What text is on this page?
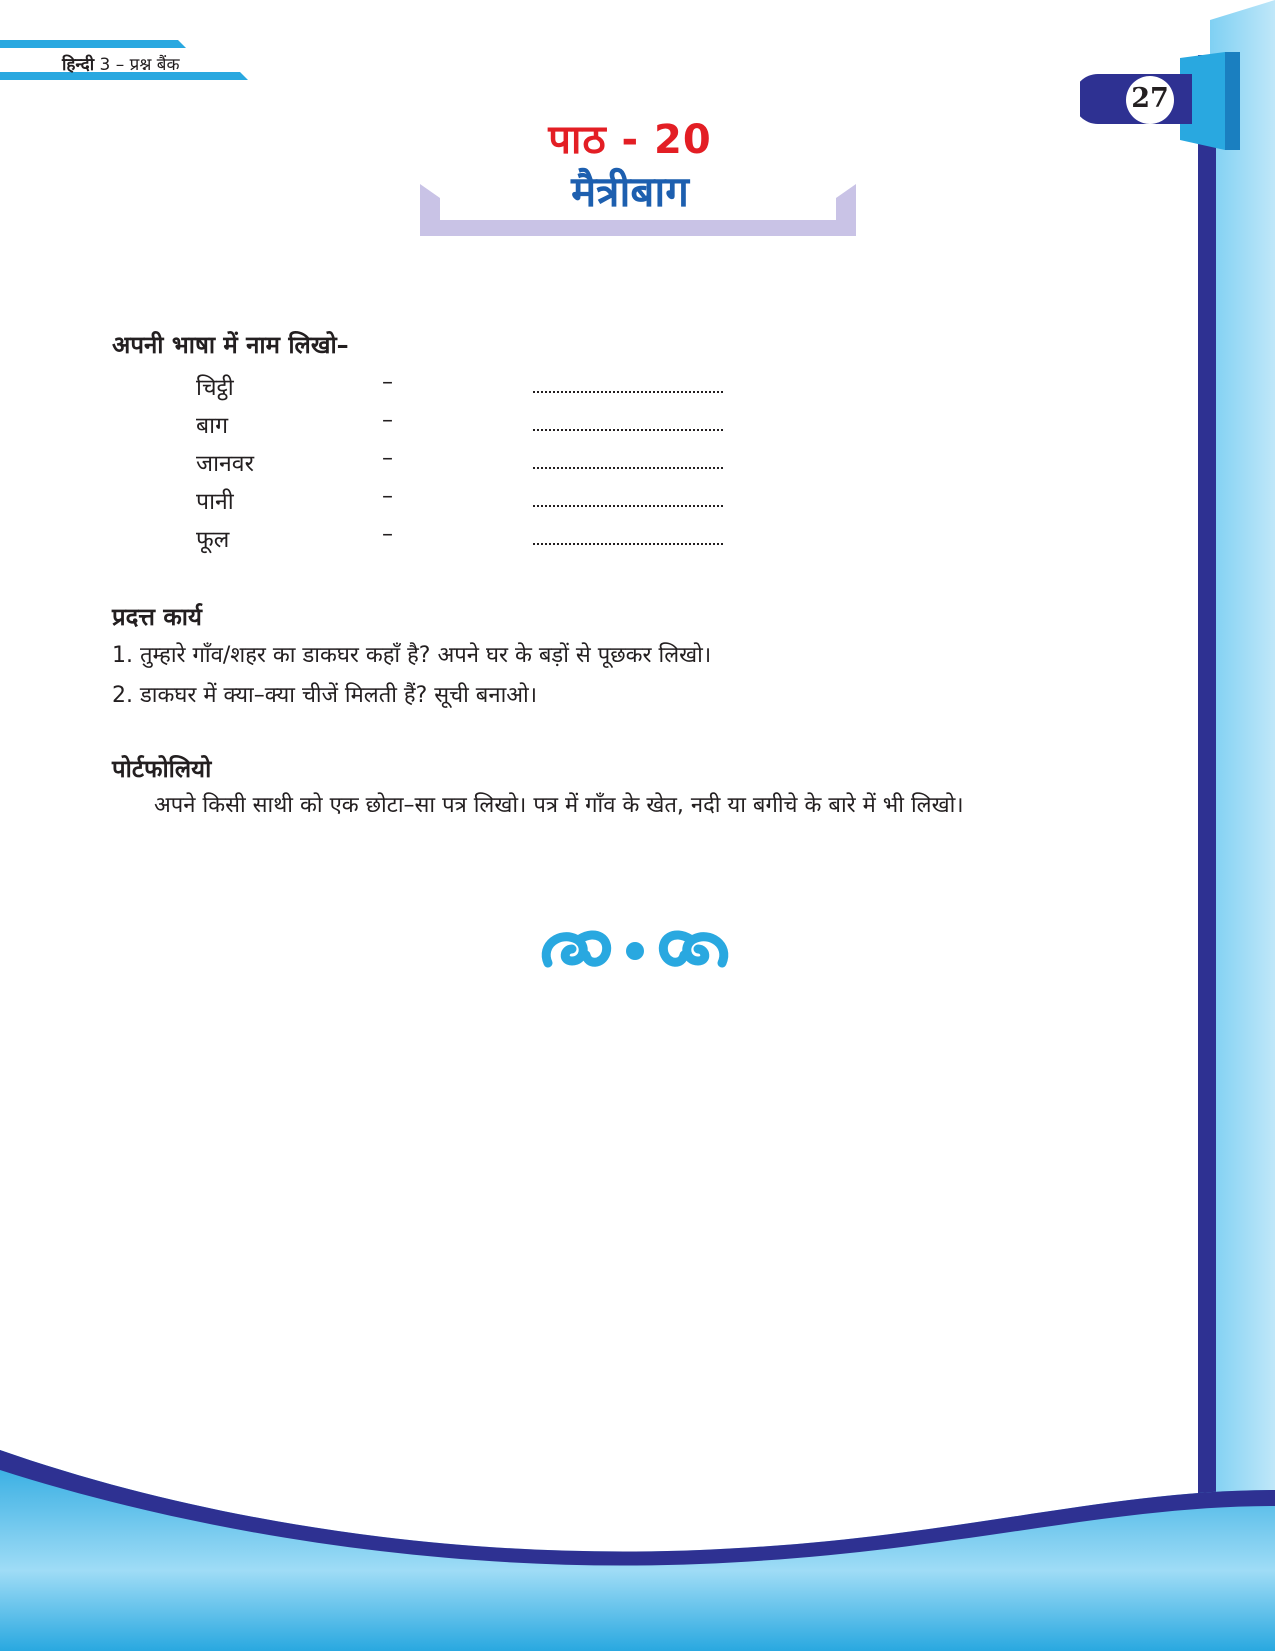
हिन्दी 3 – प्रश्न बैंक
27
पाठ - 20
मैत्रीबाग
अपनी भाषा में नाम लिखो–
चिट्ठी	–
बाग	–
जानवर	–
पानी	–
फूल	–
प्रदत्त कार्य
1. तुम्हारे गाँव/शहर का डाकघर कहाँ है? अपने घर के बड़ों से पूछकर लिखो।
2. डाकघर में क्या–क्या चीजें मिलती हैं? सूची बनाओ।
पोर्टफोलियो
अपने किसी साथी को एक छोटा–सा पत्र लिखो। पत्र में गाँव के खेत, नदी या बगीचे के बारे में भी लिखो।
